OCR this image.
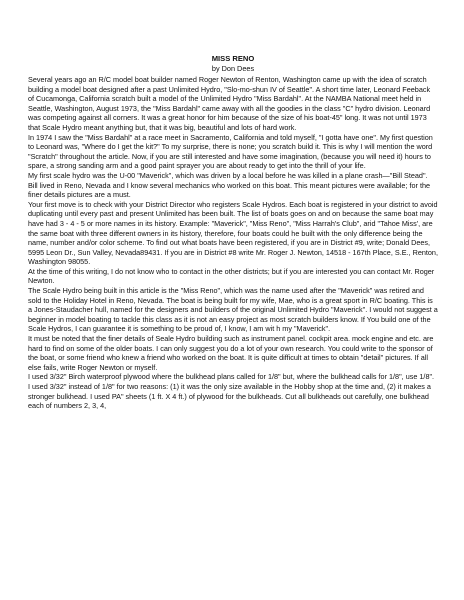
MISS RENO
by Don Dees

Several years ago an R/C model boat builder named Roger Newton of Renton, Washington came up with the idea of scratch building a model boat designed after a past Unlimited Hydro, "Slo-mo-shun IV of Seattle". A short time later, Leonard Feeback of Cucamonga, California scratch built a model of the Unlimited Hydro "Miss Bardahl". At the NAMBA National meet held in Seattle, Washington, August 1973, the "Miss Bardahl" came away with all the goodies in the class "C" hydro division. Leonard was competing against all corners. It was a great honor for him because of the size of his boat-45" long. It was not until 1973 that Scale Hydro meant anything but, that it was big, beautiful and lots of hard work.

In 1974 I saw the "Miss Bardahl" at a race meet in Sacramento, California and told myself, "I gotta have one". My first question to Leonard was, "Where do I get the kit?" To my surprise, there is none; you scratch build it. This is why I will mention the word "Scratch" throughout the article. Now, if you are still interested and have some imagination, (because you will need it) hours to spare, a strong sanding arm and a good paint sprayer you are about ready to get into the thrill of your life.

My first scale hydro was the U-00 "Maverick", which was driven by a local before he was killed in a plane crash—"Bill Stead". Bill lived in Reno, Nevada and I know several mechanics who worked on this boat. This meant pictures were available; for the finer details pictures are a must.

Your first move is to check with your District Director who registers Scale Hydros. Each boat is registered in your district to avoid duplicating until every past and present Unlimited has been built. The list of boats goes on and on because the same boat may have had 3 - 4 - 5 or more names in its history. Example: "Maverick", "Miss Reno", "Miss Harrah's Club", arid "Tahoe Miss', are the same boat with three different owners in its history, therefore, four boats could he built with the only difference being the name, number and/or color scheme. To find out what boats have been registered, if you are in District #9, write; Donald Dees, 5995 Leon Dr., Sun Valley, Nevada89431. If you are in District #8 write Mr. Roger J. Newton, 14518 - 167th Place, S.E., Renton, Washington 98055.

At the time of this writing, I do not know who to contact in the other districts; but if you are interested you can contact Mr. Roger Newton.

The Scale Hydro being built in this article is the "Miss Reno", which was the name used after the "Maverick" was retired and sold to the Holiday Hotel in Reno, Nevada. The boat is being built for my wife, Mae, who is a great sport in R/C boating. This is a Jones-Staudacher hull, named for the designers and builders of the original Unlimited Hydro "Maverick". I would not suggest a beginner in model boating to tackle this class as it is not an easy project as most scratch builders know. If You build one of the Scale Hydros, I can guarantee it is something to be proud of, I know, I am wit h my "Maverick".

It must be noted that the finer details of Seale Hydro building such as instrument panel. cockpit area. mock engine and etc. are hard to find on some of the older boats. I can only suggest you do a lot of your own research. You could write to the sponsor of the boat, or some friend who knew a friend who worked on the boat. It is quite difficult at times to obtain "detail" pictures. If all else fails, write Roger Newton or myself.

I used 3/32" Birch waterproof plywood where the bulkhead plans called for 1/8" but, where the bulkhead calls for 1/8", use 1/8". I used 3/32" instead of 1/8" for two reasons: (1) it was the only size available in the Hobby shop at the time and, (2) it makes a stronger bulkhead. I used PA" sheets (1 ft. X 4 ft.) of plywood for the bulkheads. Cut all bulkheads out carefully, one bulkhead each of numbers 2, 3, 4,
